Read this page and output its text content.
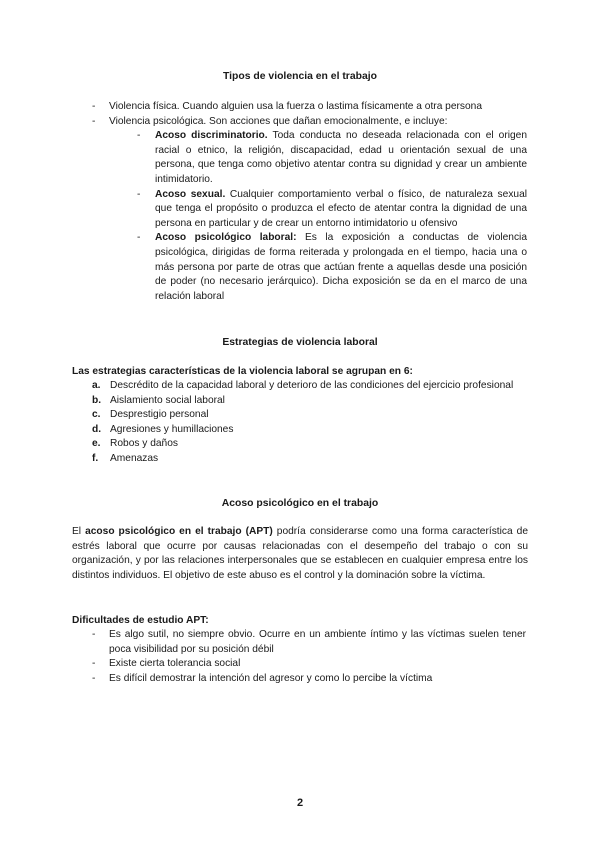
Tipos de violencia en el trabajo

- Violencia física. Cuando alguien usa la fuerza o lastima físicamente a otra persona
- Violencia psicológica. Son acciones que dañan emocionalmente, e incluye:
- Acoso discriminatorio. Toda conducta no deseada relacionada con el origen racial o etnico, la religión, discapacidad, edad u orientación sexual de una persona, que tenga como objetivo atentar contra su dignidad y crear un ambiente intimidatorio.
- Acoso sexual. Cualquier comportamiento verbal o físico, de naturaleza sexual que tenga el propósito o produzca el efecto de atentar contra la dignidad de una persona en particular y de crear un entorno intimidatorio u ofensivo
- Acoso psicológico laboral: Es la exposición a conductas de violencia psicológica, dirigidas de forma reiterada y prolongada en el tiempo, hacia una o más persona por parte de otras que actúan frente a aquellas desde una posición de poder (no necesario jerárquico). Dicha exposición se da en el marco de una relación laboral

Estrategias de violencia laboral

Las estrategias características de la violencia laboral se agrupan en 6:

a. Descrédito de la capacidad laboral y deterioro de las condiciones del ejercicio profesional
b. Aislamiento social laboral
c. Desprestigio personal
d. Agresiones y humillaciones
e. Robos y daños
f. Amenazas

Acoso psicológico en el trabajo

El acoso psicológico en el trabajo (APT) podría considerarse como una forma característica de estrés laboral que ocurre por causas relacionadas con el desempeño del trabajo o con su organización, y por las relaciones interpersonales que se establecen en cualquier empresa entre los distintos individuos. El objetivo de este abuso es el control y la dominación sobre la víctima.

Dificultades de estudio APT:

- Es algo sutil, no siempre obvio. Ocurre en un ambiente íntimo y las víctimas suelen tener poca visibilidad por su posición débil
- Existe cierta tolerancia social
- Es difícil demostrar la intención del agresor y como lo percibe la víctima
2
